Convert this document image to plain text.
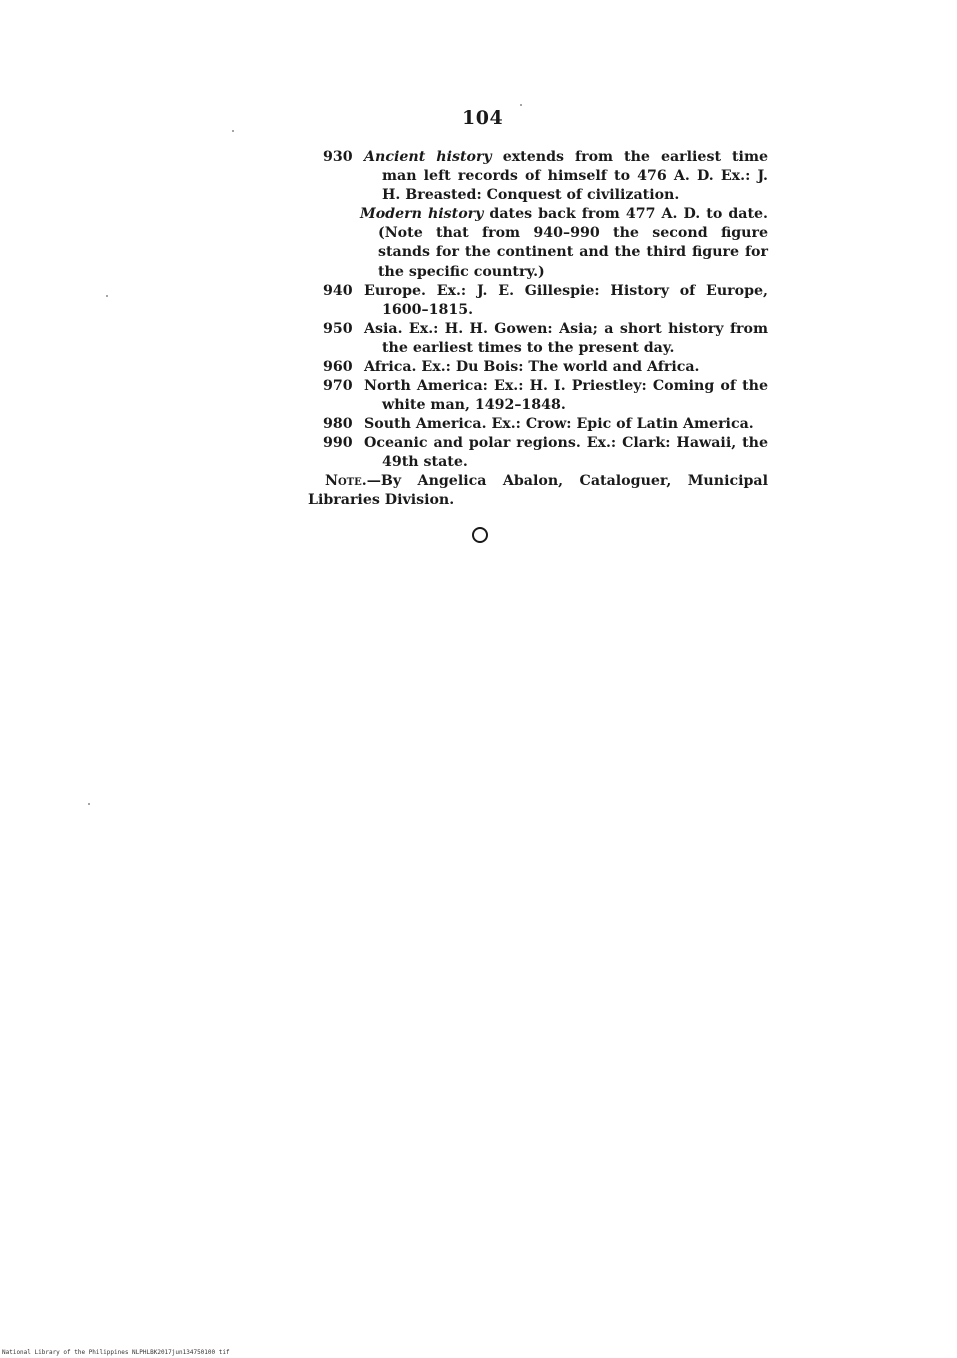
104
930 Ancient history extends from the earliest time man left records of himself to 476 A. D. Ex.: J. H. Breasted: Conquest of civilization.
Modern history dates back from 477 A. D. to date. (Note that from 940–990 the second figure stands for the continent and the third figure for the specific country.)
940 Europe. Ex.: J. E. Gillespie: History of Europe, 1600–1815.
950 Asia. Ex.: H. H. Gowen: Asia; a short history from the earliest times to the present day.
960 Africa. Ex.: Du Bois: The world and Africa.
970 North America: Ex.: H. I. Priestley: Coming of the white man, 1492–1848.
980 South America. Ex.: Crow: Epic of Latin America.
990 Oceanic and polar regions. Ex.: Clark: Hawaii, the 49th state.
Note.—By Angelica Abalon, Cataloguer, Municipal Libraries Division.
National Library of the Philippines NLPHLBK2017jun134750100 tif
